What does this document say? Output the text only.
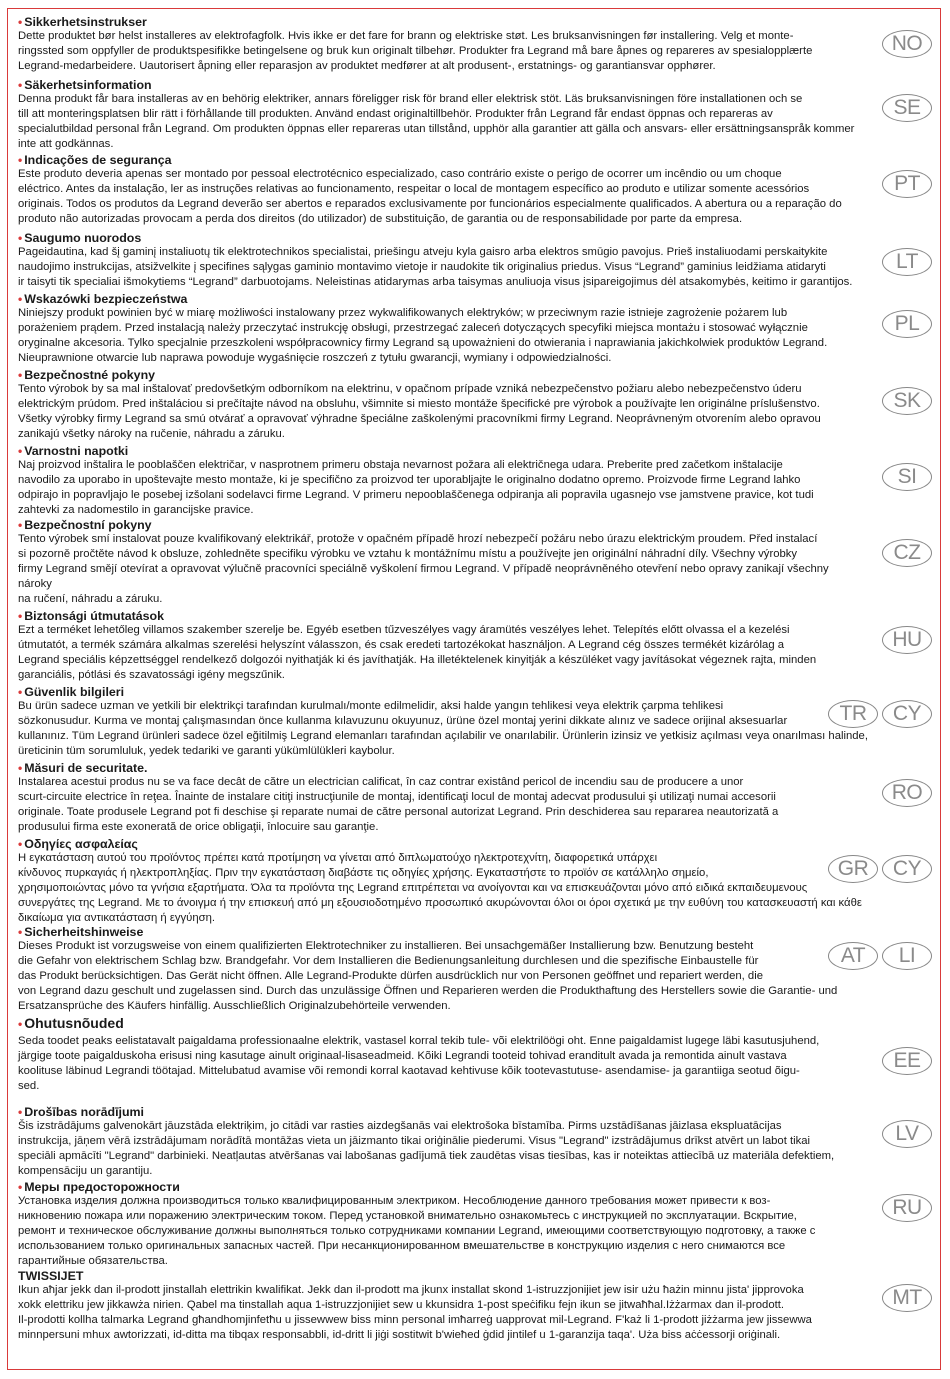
• Sikkerhetsinstrukser
Dette produktet bør helst installeres av elektrofagfolk. Hvis ikke er det fare for brann og elektriske støt. Les bruksanvisningen før installering. Velg et monte-
ringssted som oppfyller de produktspesifikke betingelsene og bruk kun originalt tilbehør. Produkter fra Legrand må bare åpnes og repareres av spesialopplærte
Legrand-medarbeidere. Uautorisert åpning eller reparasjon av produktet medfører at alt produsent-, erstatnings- og garantiansvar opphører.
NO
• Säkerhetsinformation
Denna produkt får bara installeras av en behörig elektriker, annars föreligger risk för brand eller elektrisk stöt. Läs bruksanvisningen före installationen och se
till att monteringsplatsen blir rätt i förhållande till produkten. Använd endast originaltillbehör. Produkter från Legrand får endast öppnas och repareras av
specialutbildad personal från Legrand. Om produkten öppnas eller repareras utan tillstånd, upphör alla garantier att gälla och ansvars- eller ersättningsanspråk kommer
inte att godkännas.
SE
• Indicações de segurança
Este produto deveria apenas ser montado por pessoal electrotécnico especializado, caso contrário existe o perigo de ocorrer um incêndio ou um choque
eléctrico. Antes da instalação, ler as instruções relativas ao funcionamento, respeitar o local de montagem específico ao produto e utilizar somente acessórios
originais. Todos os produtos da Legrand deverão ser abertos e reparados exclusivamente por funcionários especialmente qualificados. A abertura ou a reparação do
produto não autorizadas provocam a perda dos direitos (do utilizador) de substituição, de garantia ou de responsabilidade por parte da empresa.
PT
• Saugumo nuorodos
Pageidautina, kad šį gaminį instaliuotų tik elektrotechnikos specialistai, priešingu atveju kyla gaisro arba elektros smūgio pavojus. Prieš instaliuodami perskaitykite
naudojimo instrukcijas, atsižvelkite į specifines sąlygas gaminio montavimo vietoje ir naudokite tik originalius priedus. Visus “Legrand” gaminius leidžiama atidaryti
ir taisyti tik specialiai išmokytiems “Legrand” darbuotojams. Neleistinas atidarymas arba taisymas anuliuoja visus įsipareigojimus dėl atsakomybės, keitimo ir garantijos.
LT
• Wskazówki bezpieczeństwa
Niniejszy produkt powinien być w miarę możliwości instalowany przez wykwalifikowanych elektryków; w przeciwnym razie istnieje zagrożenie pożarem lub
porażeniem prądem. Przed instalacją należy przeczytać instrukcję obsługi, przestrzegać zaleceń dotyczących specyfiki miejsca montażu i stosować wyłącznie
oryginalne akcesoria. Tylko specjalnie przeszkoleni współpracownicy firmy Legrand są upoważnieni do otwierania i naprawiania jakichkolwiek produktów Legrand.
Nieuprawnione otwarcie lub naprawa powoduje wygaśnięcie roszczeń z tytułu gwarancji, wymiany i odpowiedzialności.
PL
• Bezpečnostné pokyny
Tento výrobok by sa mal inštalovať predovšetkým odborníkom na elektrinu, v opačnom prípade vzniká nebezpečenstvo požiaru alebo nebezpečenstvo úderu
elektrickým prúdom. Pred inštaláciou si prečítajte návod na obsluhu, všimnite si miesto montáže špecifické pre výrobok a používajte len originálne príslušenstvo.
Všetky výrobky firmy Legrand sa smú otvárať a opravovať výhradne špeciálne zaškolenými pracovníkmi firmy Legrand. Neoprávneným otvorením alebo opravou
zanikajú všetky nároky na ručenie, náhradu a záruku.
SK
• Varnostni napotki
Naj proizvod inštalira le pooblaščen električar, v nasprotnem primeru obstaja nevarnost požara ali električnega udara. Preberite pred začetkom inštalacije
navodilo za uporabo in upoštevajte mesto montaže, ki je specifično za proizvod ter uporabljajte le originalno dodatno opremo. Proizvode firme Legrand lahko
odpirajo in popravljajo le posebej izšolani sodelavci firme Legrand. V primeru nepooblaščenega odpiranja ali popravila ugasnejo vse jamstvene pravice, kot tudi
zahtevki za nadomestilo in garancijske pravice.
SI
• Bezpečnostní pokyny
Tento výrobek smí instalovat pouze kvalifikovaný elektrikář, protože v opačném případě hrozí nebezpečí požáru nebo úrazu elektrickým proudem. Před instalací
si pozorně pročtěte návod k obsluze, zohledněte specifiku výrobku ve vztahu k montážnímu místu a používejte jen originální náhradní díly. Všechny výrobky
firmy Legrand smějí otevírat a opravovat výlučně pracovníci speciálně vyškolení firmou Legrand. V případě neoprávněného otevření nebo opravy zanikají všechny
nároky
na ručení, náhradu a záruku.
CZ
• Biztonsági útmutatások
Ezt a terméket lehetőleg villamos szakember szerelje be. Egyéb esetben tűzveszélyes vagy áramütés veszélyes lehet. Telepítés előtt olvassa el a kezelési
útmutatót, a termék számára alkalmas szerelési helyszínt válasszon, és csak eredeti tartozékokat használjon. A Legrand cég összes termékét kizárólag a
Legrand speciális képzettséggel rendelkező dolgozói nyithatják ki és javíthatják. Ha illetéktelenek kinyitják a készüléket vagy javításokat végeznek rajta, minden
garanciális, pótlási és szavatossági igény megszűnik.
HU
• Güvenlik bilgileri
Bu ürün sadece uzman ve yetkili bir elektrikçi tarafından kurulmalı/monte edilmelidir, aksi halde yangın tehlikesi veya elektrik çarpma tehlikesi
sözkonusudur. Kurma ve montaj çalışmasından önce kullanma kılavuzunu okuyunuz, ürüne özel montaj yerini dikkate alınız ve sadece orijinal aksesuarlar
kullanınız. Tüm Legrand ürünleri sadece özel eğitilmiş Legrand elemanları tarafından açılabilir ve onarılabilir. Ürünlerin izinsiz ve yetkisiz açılması veya onarılması halinde,
üreticinin tüm sorumluluk, yedek tedariki ve garanti yükümlülükleri kaybolur.
TR	CY
• Măsuri de securitate.
Instalarea acestui produs nu se va face decât de către un electrician calificat, în caz contrar existând pericol de incendiu sau de producere a unor
scurt-circuite electrice în reţea. Înainte de instalare citiţi instrucţiunile de montaj, identificaţi locul de montaj adecvat produsului şi utilizaţi numai accesorii
originale. Toate produsele Legrand pot fi deschise şi reparate numai de către personal autorizat Legrand. Prin deschiderea sau repararea neautorizată a
produsului firma este exonerată de orice obligaţii, înlocuire sau garanţie.
RO
• Οδηγίες ασφαλείας
Η εγκατάσταση αυτού του προϊόντος πρέπει κατά προτίμηση να γίνεται από διπλωματούχο ηλεκτροτεχνίτη, διαφορετικά υπάρχει
κίνδυνος πυρκαγιάς ή ηλεκτροπληξίας. Πριν την εγκατάσταση διαβάστε τις οδηγίες χρήσης. Εγκαταστήστε το προϊόν σε κατάλληλο σημείο,
χρησιμοποιώντας μόνο τα γνήσια εξαρτήματα. Όλα τα προϊόντα της Legrand επιτρέπεται να ανοίγονται και να επισκευάζονται μόνο από ειδικά εκπαιδευμενους
συνεργάτες της Legrand. Με το άνοιγμα ή την επισκευή από μη εξουσιοδοτημένο προσωπικό ακυρώνονται όλοι οι όροι σχετικά με την ευθύνη του κατασκευαστή και κάθε
δικαίωμα για αντικατάσταση ή εγγύηση.
GR	CY
• Sicherheitshinweise
Dieses Produkt ist vorzugsweise von einem qualifizierten Elektrotechniker zu installieren. Bei unsachgemäßer Installierung bzw. Benutzung besteht
die Gefahr von elektrischem Schlag bzw. Brandgefahr. Vor dem Installieren die Bedienungsanleitung durchlesen und die spezifische Einbaustelle für
das Produkt berücksichtigen. Das Gerät nicht öffnen. Alle Legrand-Produkte dürfen ausdrücklich nur von Personen geöffnet und repariert werden, die
von Legrand dazu geschult und zugelassen sind. Durch das unzulässige Öffnen und Reparieren werden die Produkthaftung des Herstellers sowie die Garantie- und
Ersatzansprüche des Käufers hinfällig. Ausschließlich Originalzubehörteile verwenden.
AT	LI
• Ohutusnõuded
Seda toodet peaks eelistatavalt paigaldama professionaalne elektrik, vastasel korral tekib tule- või elektrilöögi oht. Enne paigaldamist lugege läbi kasutusjuhend,
järgige toote paigalduskoha erisusi ning kasutage ainult originaal-lisaseadmeid. Kõiki Legrandi tooteid tohivad eranditult avada ja remontida ainult vastava
koolituse läbinud Legrandi töötajad. Mittelubatud avamise või remondi korral kaotavad kehtivuse kõik tootevastutuse- asendamise- ja garantiiga seotud õigu-
sed.
EE
• Drošības norādījumi
Šis izstrādājums galvenokārt jāuzstāda elektriķim, jo citādi var rasties aizdegšanās vai elektrošoka bīstamība. Pirms uzstādīšanas jāizlasa ekspluatācijas
instrukcija, jāņem vērā izstrādājumam norādītā montāžas vieta un jāizmanto tikai oriģinālie piederumi. Visus "Legrand" izstrādājumus drīkst atvērt un labot tikai
speciāli apmācīti "Legrand" darbinieki. Neatļautas atvēršanas vai labošanas gadījumā tiek zaudētas visas tiesības, kas ir noteiktas attiecībā uz materiāla defektiem,
kompensāciju un garantiju.
LV
• Меры предосторожности
Установка изделия должна производиться только квалифицированным электриком. Несоблюдение данного требования может привести к воз-
никновению пожара или поражению электрическим током. Перед установкой внимательно ознакомьтесь с инструкцией по эксплуатации. Вскрытие,
ремонт и техническое обслуживание должны выполняться только сотрудниками компании Legrand, имеющими соответствующую подготовку, а также с
использованием только оригинальных запасных частей. При несанкционированном вмешательстве в конструкцию изделия с него снимаются все
гарантийные обязательства.
RU
TWISSIJET
Ikun aħjar jekk dan il-prodott jinstallah elettrikin kwalifikat. Jekk dan il-prodott ma jkunx installat skond 1-istruzzjonijiet jew isir użu ħażin minnu jista' jipprovoka
xokk elettriku jew jikkawża nirien. Qabel ma tinstallah aqua 1-istruzzjonijiet sew u kkunsidra 1-post speċifiku fejn ikun se jitwaħħal.Iżżarmax dan il-prodott.
Il-prodotti kollha talmarka Legrand għandhomjinfetħu u jissewwew biss minn personal imħarreġ uapprovat mil-Legrand. F'każ li 1-prodott jiżżarma jew jissewwa
minnpersuni mhux awtorizzati, id-ditta ma tibqax responsabbli, id-dritt li jiġi sostitwit b'wieħed ġdid jintilef u 1-garanzija taqa'. Użа biss aċċessorji oriġinali.
MT
